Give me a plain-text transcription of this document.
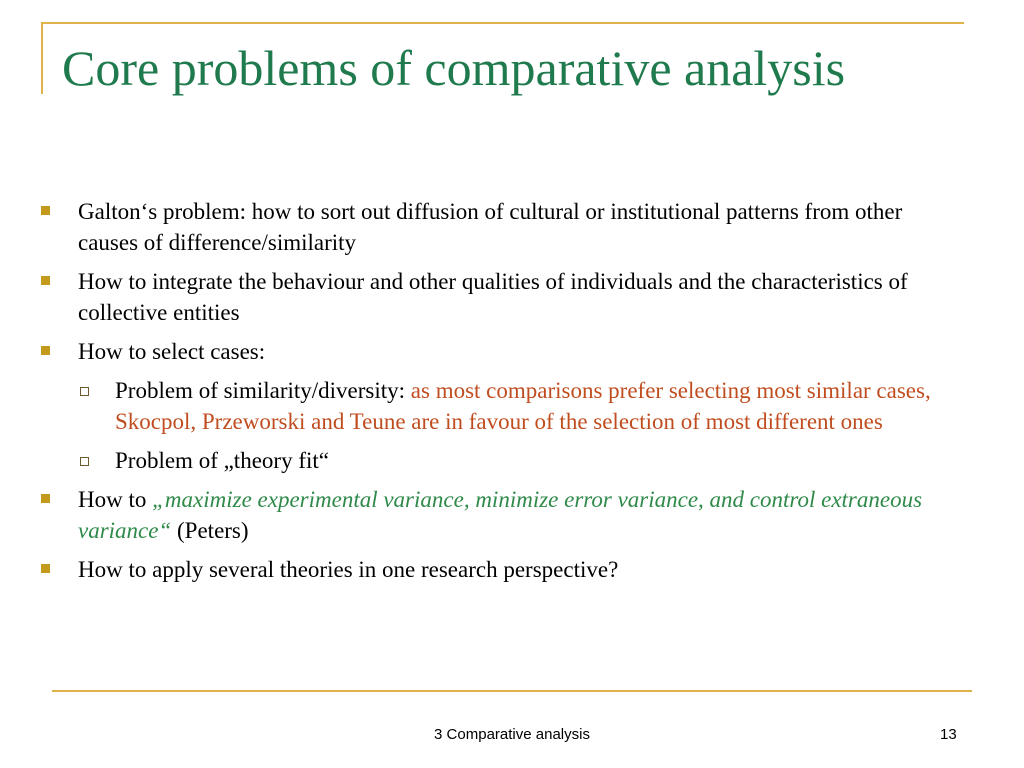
Core problems of comparative analysis
Galton‘s problem: how to sort out diffusion of cultural or institutional patterns from other causes of difference/similarity
How to integrate the behaviour and other qualities of individuals and the characteristics of collective entities
How to select cases:
Problem of similarity/diversity: as most comparisons prefer selecting most similar cases, Skocpol, Przeworski and Teune are in favour of the selection of most different ones
Problem of „theory fit“
How to „maximize experimental variance, minimize error variance, and control extraneous variance“ (Peters)
How to apply several theories in one research perspective?
3 Comparative analysis	13
